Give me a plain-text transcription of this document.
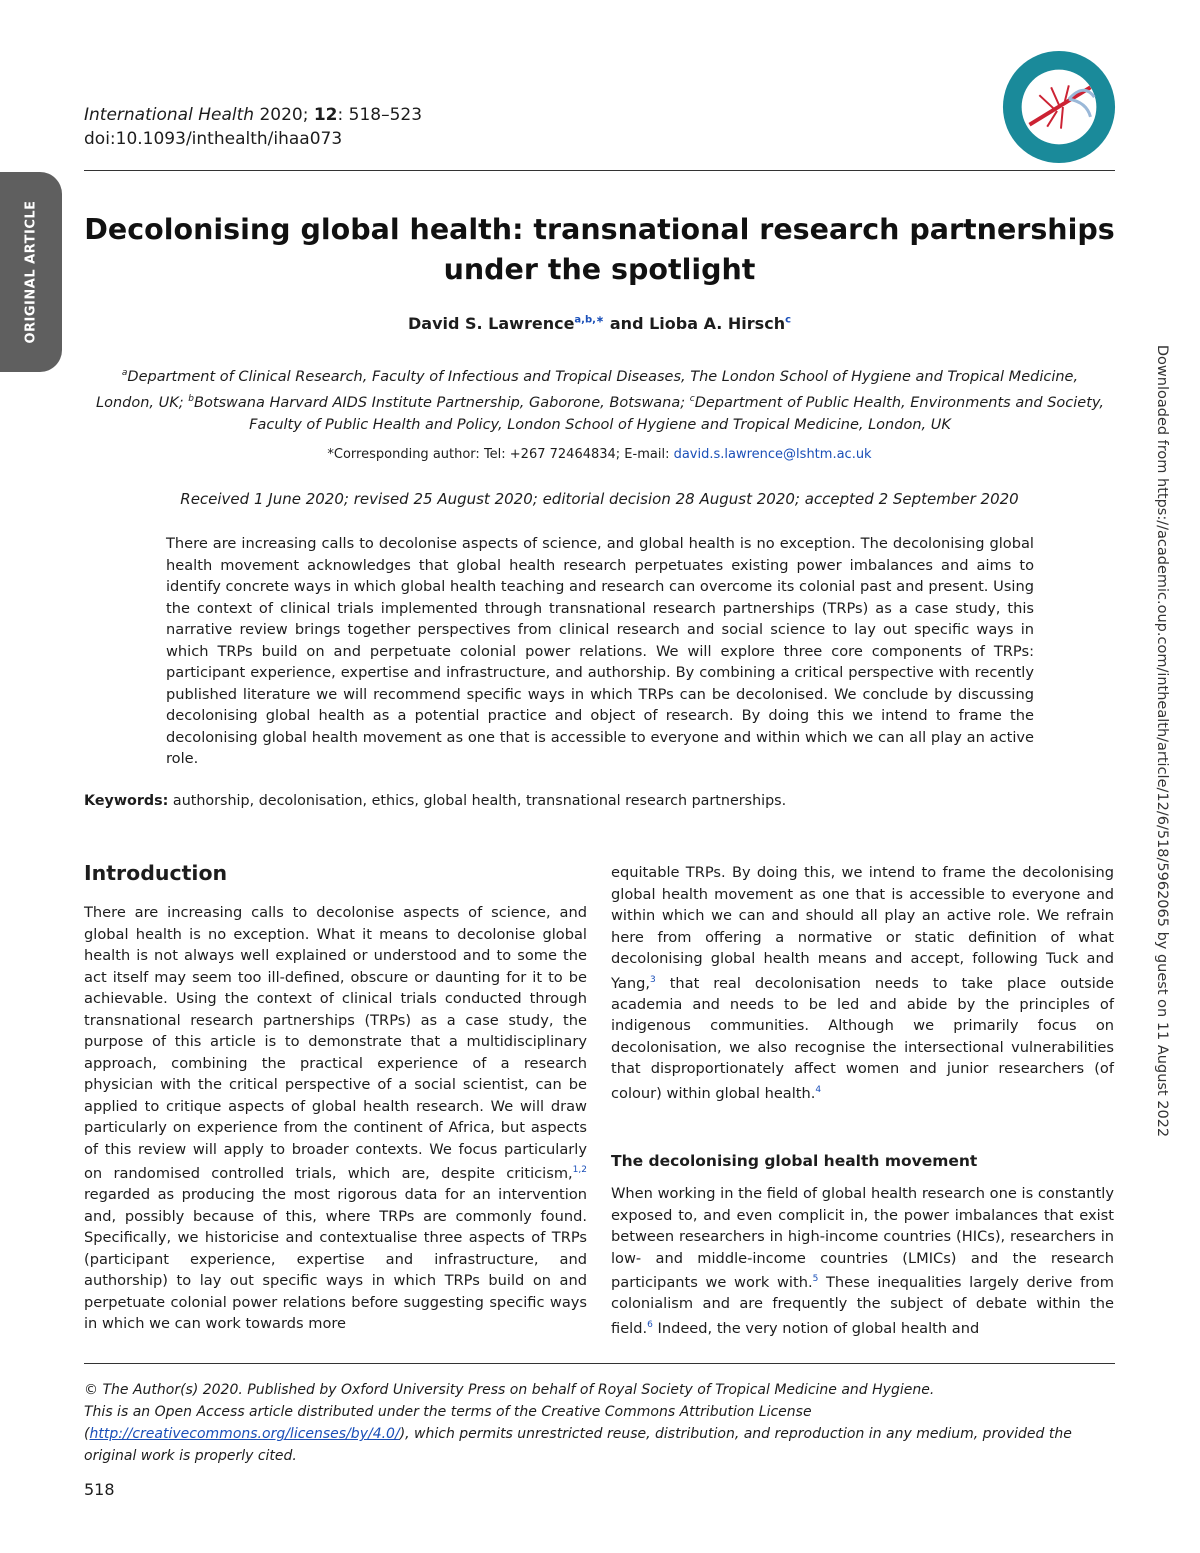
ORIGINAL ARTICLE
International Health 2020; 12: 518–523
doi:10.1093/inthealth/ihaa073
Decolonising global health: transnational research partnerships under the spotlight
David S. Lawrence$^{a,b,∗}$ and Lioba A. Hirsch$^c$
$^a$Department of Clinical Research, Faculty of Infectious and Tropical Diseases, The London School of Hygiene and Tropical Medicine, London, UK; $^b$Botswana Harvard AIDS Institute Partnership, Gaborone, Botswana; $^c$Department of Public Health, Environments and Society, Faculty of Public Health and Policy, London School of Hygiene and Tropical Medicine, London, UK
*Corresponding author: Tel: +267 72464834; E-mail: david.s.lawrence@lshtm.ac.uk
Received 1 June 2020; revised 25 August 2020; editorial decision 28 August 2020; accepted 2 September 2020
There are increasing calls to decolonise aspects of science, and global health is no exception. The decolonising global health movement acknowledges that global health research perpetuates existing power imbalances and aims to identify concrete ways in which global health teaching and research can overcome its colonial past and present. Using the context of clinical trials implemented through transnational research partnerships (TRPs) as a case study, this narrative review brings together perspectives from clinical research and social science to lay out specific ways in which TRPs build on and perpetuate colonial power relations. We will explore three core components of TRPs: participant experience, expertise and infrastructure, and authorship. By combining a critical perspective with recently published literature we will recommend specific ways in which TRPs can be decolonised. We conclude by discussing decolonising global health as a potential practice and object of research. By doing this we intend to frame the decolonising global health movement as one that is accessible to everyone and within which we can all play an active role.
Keywords: authorship, decolonisation, ethics, global health, transnational research partnerships.
Introduction
There are increasing calls to decolonise aspects of science, and global health is no exception. What it means to decolonise global health is not always well explained or understood and to some the act itself may seem too ill-defined, obscure or daunting for it to be achievable. Using the context of clinical trials conducted through transnational research partnerships (TRPs) as a case study, the purpose of this article is to demonstrate that a multidisciplinary approach, combining the practical experience of a research physician with the critical perspective of a social scientist, can be applied to critique aspects of global health research. We will draw particularly on experience from the continent of Africa, but aspects of this review will apply to broader contexts. We focus particularly on randomised controlled trials, which are, despite criticism,$^{1,2}$ regarded as producing the most rigorous data for an intervention and, possibly because of this, where TRPs are commonly found. Specifically, we historicise and contextualise three aspects of TRPs (participant experience, expertise and infrastructure, and authorship) to lay out specific ways in which TRPs build on and perpetuate colonial power relations before suggesting specific ways in which we can work towards more
equitable TRPs. By doing this, we intend to frame the decolonising global health movement as one that is accessible to everyone and within which we can and should all play an active role. We refrain here from offering a normative or static definition of what decolonising global health means and accept, following Tuck and Yang,$^3$ that real decolonisation needs to take place outside academia and needs to be led and abide by the principles of indigenous communities. Although we primarily focus on decolonisation, we also recognise the intersectional vulnerabilities that disproportionately affect women and junior researchers (of colour) within global health.$^4$
The decolonising global health movement
When working in the field of global health research one is constantly exposed to, and even complicit in, the power imbalances that exist between researchers in high-income countries (HICs), researchers in low- and middle-income countries (LMICs) and the research participants we work with.$^5$ These inequalities largely derive from colonialism and are frequently the subject of debate within the field.$^6$ Indeed, the very notion of global health and
© The Author(s) 2020. Published by Oxford University Press on behalf of Royal Society of Tropical Medicine and Hygiene.
This is an Open Access article distributed under the terms of the Creative Commons Attribution License
(http://creativecommons.org/licenses/by/4.0/), which permits unrestricted reuse, distribution, and reproduction in any medium, provided the original work is properly cited.
518
Downloaded from https://academic.oup.com/inthealth/article/12/6/518/5962065 by guest on 11 August 2022
